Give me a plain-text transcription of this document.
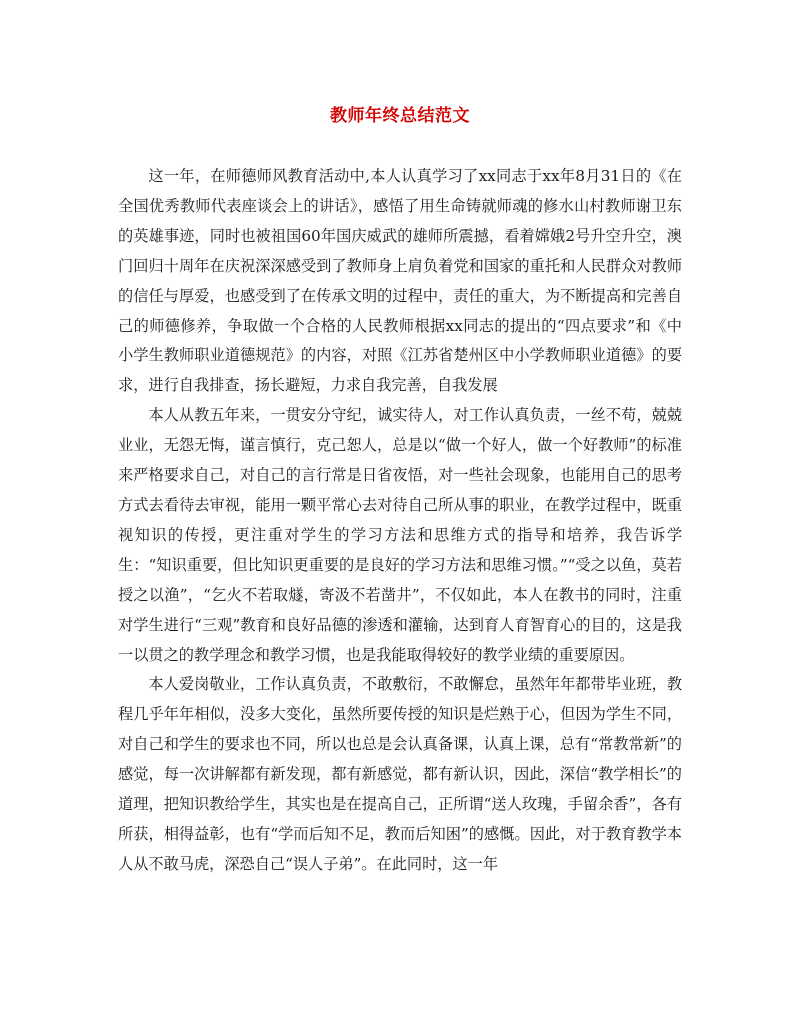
教师年终总结范文

这一年，在师德师风教育活动中,本人认真学习了xx同志于xx年8月31日的《在全国优秀教师代表座谈会上的讲话》，感悟了用生命铸就师魂的修水山村教师谢卫东的英雄事迹，同时也被祖国60年国庆威武的雄师所震撼，看着嫦娥2号升空升空，澳门回归十周年在庆祝深深感受到了教师身上肩负着党和国家的重托和人民群众对教师的信任与厚爱，也感受到了在传承文明的过程中，责任的重大，为不断提高和完善自己的师德修养，争取做一个合格的人民教师根据xx同志的提出的“四点要求”和《中小学生教师职业道德规范》的内容，对照《江苏省楚州区中小学教师职业道德》的要求，进行自我排查，扬长避短，力求自我完善，自我发展

本人从教五年来，一贯安分守纪，诚实待人，对工作认真负责，一丝不苟，兢兢业业，无怨无悔，谨言慎行，克己恕人，总是以“做一个好人，做一个好教师”的标准来严格要求自己，对自己的言行常是日省夜悟，对一些社会现象，也能用自己的思考方式去看待去审视，能用一颗平常心去对待自己所从事的职业，在教学过程中，既重视知识的传授，更注重对学生的学习方法和思维方式的指导和培养，我告诉学生：“知识重要，但比知识更重要的是良好的学习方法和思维习惯。”“受之以鱼，莫若授之以渔”，“乞火不若取燧，寄汲不若凿井”，不仅如此，本人在教书的同时，注重对学生进行“三观”教育和良好品德的渗透和灌输，达到育人育智育心的目的，这是我一以贯之的教学理念和教学习惯，也是我能取得较好的教学业绩的重要原因。

本人爱岗敬业，工作认真负责，不敢敷衍，不敢懈怠，虽然年年都带毕业班，教程几乎年年相似，没多大变化，虽然所要传授的知识是烂熟于心，但因为学生不同，对自己和学生的要求也不同，所以也总是会认真备课，认真上课，总有“常教常新”的感觉，每一次讲解都有新发现，都有新感觉，都有新认识，因此，深信“教学相长”的道理，把知识教给学生，其实也是在提高自己，正所谓“送人玫瑰，手留余香”，各有所获，相得益彰，也有“学而后知不足，教而后知困”的感慨。因此，对于教育教学本人从不敢马虎，深恐自己“误人子弟”。在此同时，这一年
